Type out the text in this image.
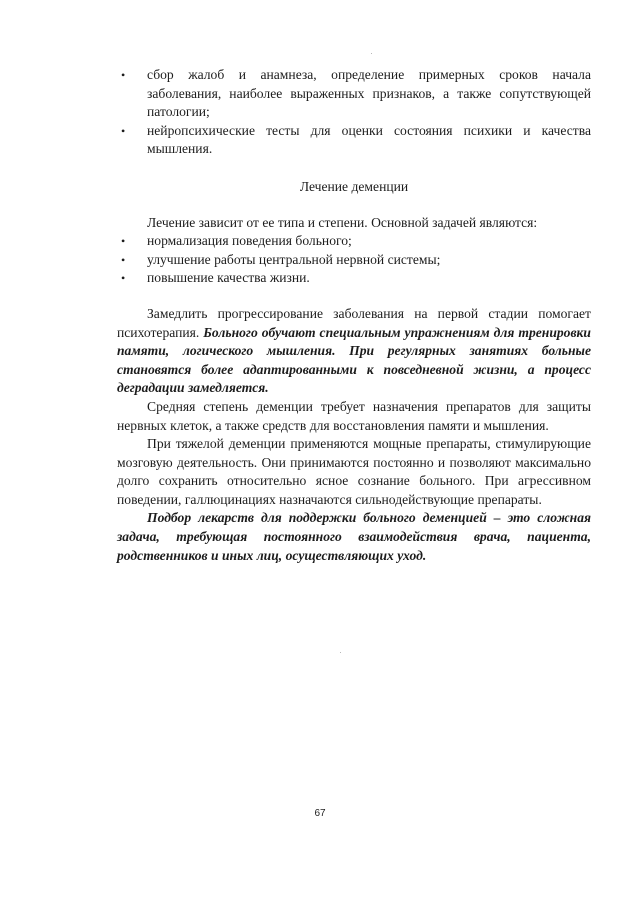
• сбор жалоб и анамнеза, определение примерных сроков начала заболевания, наиболее выраженных признаков, а также сопутствующей патологии;
• нейропсихические тесты для оценки состояния психики и качества мышления.
Лечение деменции

Лечение зависит от ее типа и степени. Основной задачей являются:

• нормализация поведения больного;
• улучшение работы центральной нервной системы;
• повышение качества жизни.

Замедлить прогрессирование заболевания на первой стадии помогает психотерапия. Больного обучают специальным упражнениям для тренировки памяти, логического мышления. При регулярных занятиях больные становятся более адаптированными к повседневной жизни, а процесс деградации замедляется.

Средняя степень деменции требует назначения препаратов для защиты нервных клеток, а также средств для восстановления памяти и мышления.

При тяжелой деменции применяются мощные препараты, стимулирующие мозговую деятельность. Они принимаются постоянно и позволяют максимально долго сохранить относительно ясное сознание больного. При агрессивном поведении, галлюцинациях назначаются сильнодействующие препараты.

Подбор лекарств для поддержки больного деменцией – это сложная задача, требующая постоянного взаимодействия врача, пациента, родственников и иных лиц, осуществляющих уход.

67
